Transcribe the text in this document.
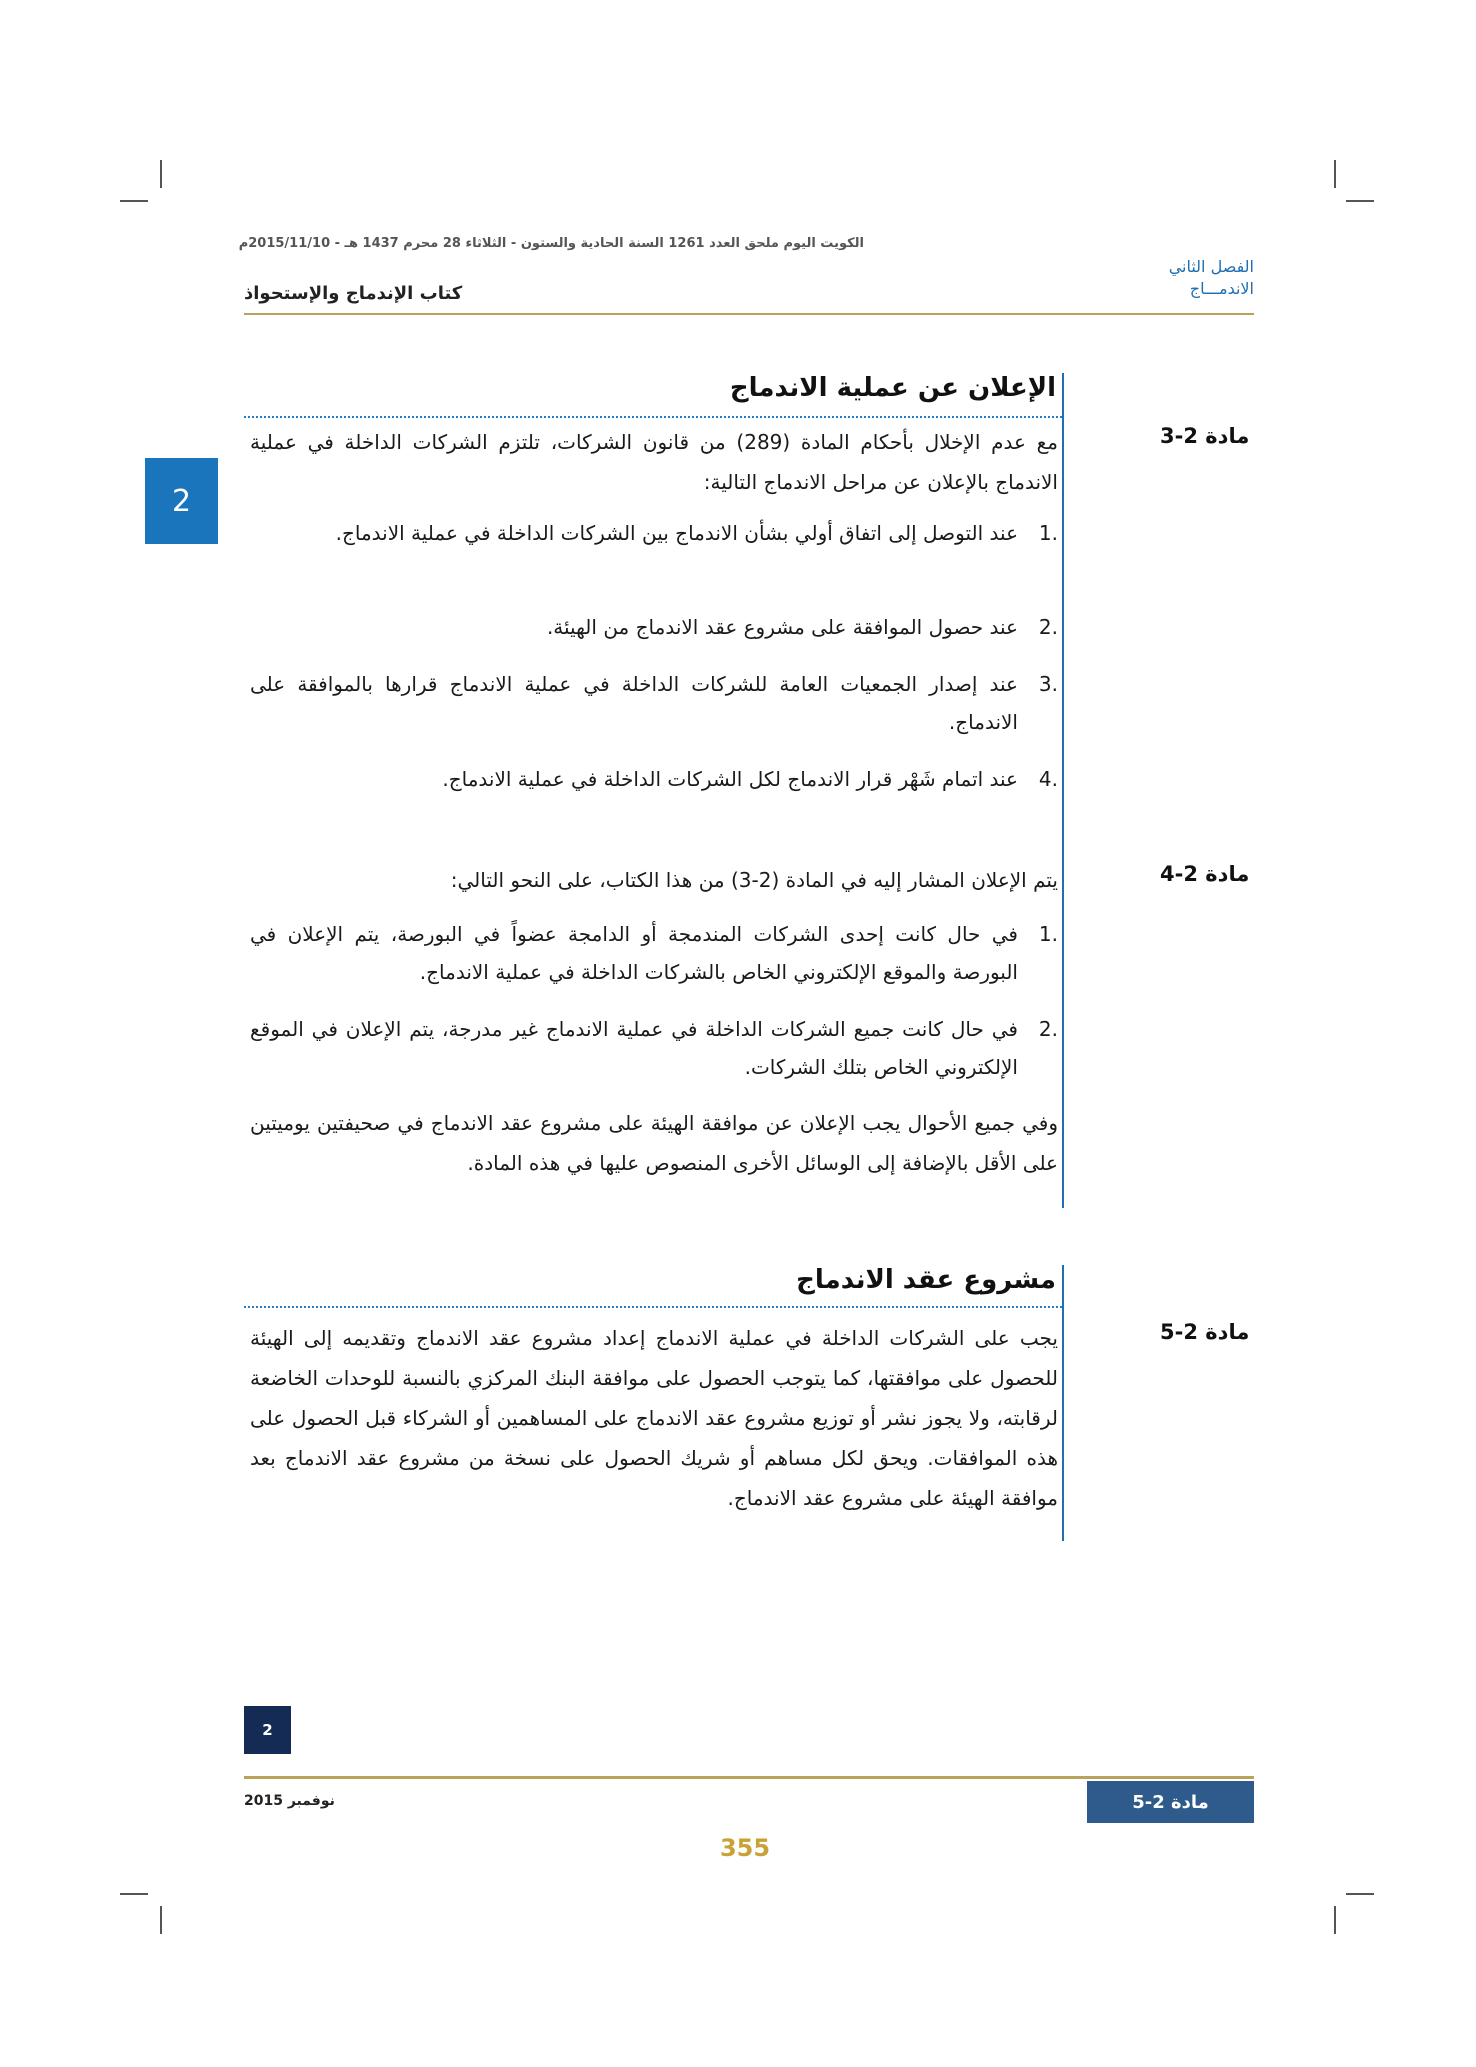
الكويت اليوم ملحق العدد 1261 السنة الحادية والستون - الثلاثاء 28 محرم 1437 هـ - 2015/11/10م
الفصل الثاني
الاندمـــاج
كتاب الإندماج والإستحواذ
2
الإعلان عن عملية الاندماج
مادة 2-3
مع عدم الإخلال بأحكام المادة (289) من قانون الشركات، تلتزم الشركات الداخلة في عملية الاندماج بالإعلان عن مراحل الاندماج التالية:
1.
عند التوصل إلى اتفاق أولي بشأن الاندماج بين الشركات الداخلة في عملية الاندماج.
2.
عند حصول الموافقة على مشروع عقد الاندماج من الهيئة.
3.
عند إصدار الجمعيات العامة للشركات الداخلة في عملية الاندماج قرارها بالموافقة على الاندماج.
4.
عند اتمام شَهْر قرار الاندماج لكل الشركات الداخلة في عملية الاندماج.
مادة 2-4
يتم الإعلان المشار إليه في المادة (2-3) من هذا الكتاب، على النحو التالي:
1.
في حال كانت إحدى الشركات المندمجة أو الدامجة عضواً في البورصة، يتم الإعلان في البورصة والموقع الإلكتروني الخاص بالشركات الداخلة في عملية الاندماج.
2.
في حال كانت جميع الشركات الداخلة في عملية الاندماج غير مدرجة، يتم الإعلان في الموقع الإلكتروني الخاص بتلك الشركات.
وفي جميع الأحوال يجب الإعلان عن موافقة الهيئة على مشروع عقد الاندماج في صحيفتين يوميتين على الأقل بالإضافة إلى الوسائل الأخرى المنصوص عليها في هذه المادة.
مشروع عقد الاندماج
مادة 2-5
يجب على الشركات الداخلة في عملية الاندماج إعداد مشروع عقد الاندماج وتقديمه إلى الهيئة للحصول على موافقتها، كما يتوجب الحصول على موافقة البنك المركزي بالنسبة للوحدات الخاضعة لرقابته، ولا يجوز نشر أو توزيع مشروع عقد الاندماج على المساهمين أو الشركاء قبل الحصول على هذه الموافقات. ويحق لكل مساهم أو شريك الحصول على نسخة من مشروع عقد الاندماج بعد موافقة الهيئة على مشروع عقد الاندماج.
2
نوفمبر 2015	مادة 2-5
355
